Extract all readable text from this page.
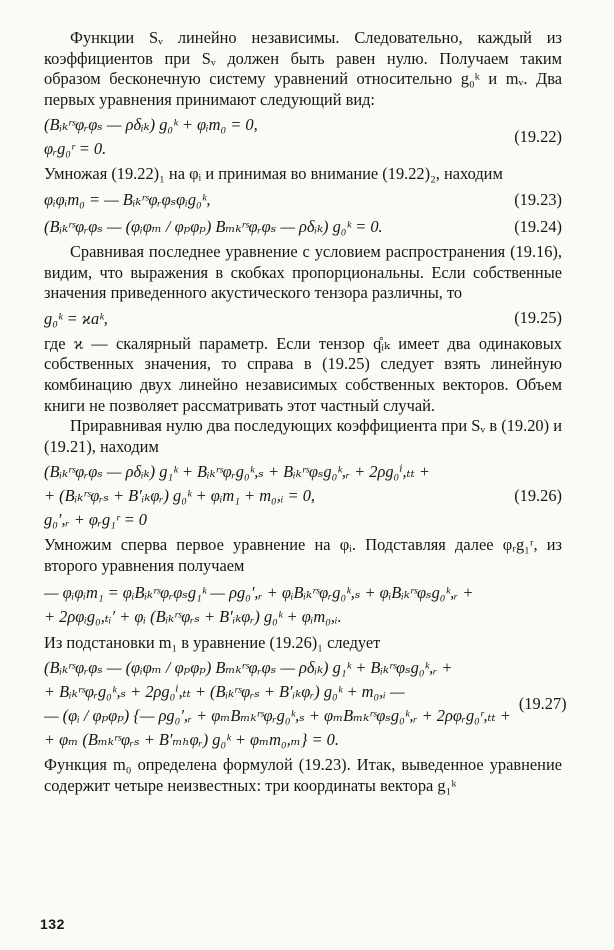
Функции Sᵥ линейно независимы. Следовательно, каждый из коэффициентов при Sᵥ должен быть равен нулю. Получаем таким образом бесконечную систему уравнений относительно g₀ᵏ и mᵥ. Два первых уравнения принимают следующий вид:

(Bᵢₖʳˢφᵣφₛ — ρδᵢₖ) g₀ᵏ + φᵢm₀ = 0,
φᵣg₀ʳ = 0.
(19.22)

Умножая (19.22)₁ на φᵢ и принимая во внимание (19.22)₂, находим

φᵢφᵢm₀ = — Bᵢₖʳˢφᵣφₛφᵢg₀ᵏ,	(19.23)
(Bᵢₖʳˢφᵣφₛ — (φᵢφₘ / φₚφₚ) Bₘₖʳˢφᵣφₛ — ρδᵢₖ) g₀ᵏ = 0.	(19.24)

Сравнивая последнее уравнение с условием распространения (19.16), видим, что выражения в скобках пропорциональны. Если собственные значения приведенного акустического тензора различны, то

g₀ᵏ = ϰaᵏ,	(19.25)

где ϰ — скалярный параметр. Если тензор q̊ᵢₖ имеет два одинаковых собственных значения, то справа в (19.25) следует взять линейную комбинацию двух линейно независимых собственных векторов. Объем книги не позволяет рассматривать этот частный случай.

Приравнивая нулю два последующих коэффициента при Sᵥ в (19.20) и (19.21), находим

(Bᵢₖʳˢφᵣφₛ — ρδᵢₖ) g₁ᵏ + Bᵢₖʳˢφᵣg₀ᵏ,ₛ + Bᵢₖʳˢφₛg₀ᵏ,ᵣ + 2ρg₀ⁱ,ₜₜ +
+ (Bᵢₖʳˢφᵣₛ + B′ᵢₖφᵣ) g₀ᵏ + φᵢm₁ + m₀,ᵢ = 0,
g₀′,ᵣ + φᵣg₁ʳ = 0
(19.26)

Умножим сперва первое уравнение на φᵢ. Подставляя далее φᵣg₁ʳ, из второго уравнения получаем

— φᵢφᵢm₁ = φᵢBᵢₖʳˢφᵣφₛg₁ᵏ — ρg₀′,ᵣ + φᵢBᵢₖʳˢφᵣg₀ᵏ,ₛ + φᵢBᵢₖʳˢφₛg₀ᵏ,ᵣ +
+ 2ρφᵢg₀,ₜᵢ′ + φᵢ (Bᵢₖʳˢφᵣₛ + B′ᵢₖφᵣ) g₀ᵏ + φᵢm₀,ᵢ.

Из подстановки m₁ в уравнение (19.26)₁ следует

(Bᵢₖʳˢφᵣφₛ — (φᵢφₘ / φₚφₚ) Bₘₖʳˢφᵣφₛ — ρδᵢₖ) g₁ᵏ + Bᵢₖʳˢφₛg₀ᵏ,ᵣ +
+ Bᵢₖʳˢφᵣg₀ᵏ,ₛ + 2ρg₀ⁱ,ₜₜ + (Bᵢₖʳˢφᵣₛ + B′ᵢₖφᵣ) g₀ᵏ + m₀,ᵢ —
— (φᵢ / φₚφₚ) {— ρg₀′,ᵣ + φₘBₘₖʳˢφᵣg₀ᵏ,ₛ + φₘBₘₖʳˢφₛg₀ᵏ,ᵣ + 2ρφᵣg₀ʳ,ₜₜ +
+ φₘ (Bₘₖʳˢφᵣₛ + B′ₘₕφᵣ) g₀ᵏ + φₘm₀,ₘ} = 0.
(19.27)

Функция m₀ определена формулой (19.23). Итак, выведенное уравнение содержит четыре неизвестных: три координаты вектора g₁ᵏ

132
